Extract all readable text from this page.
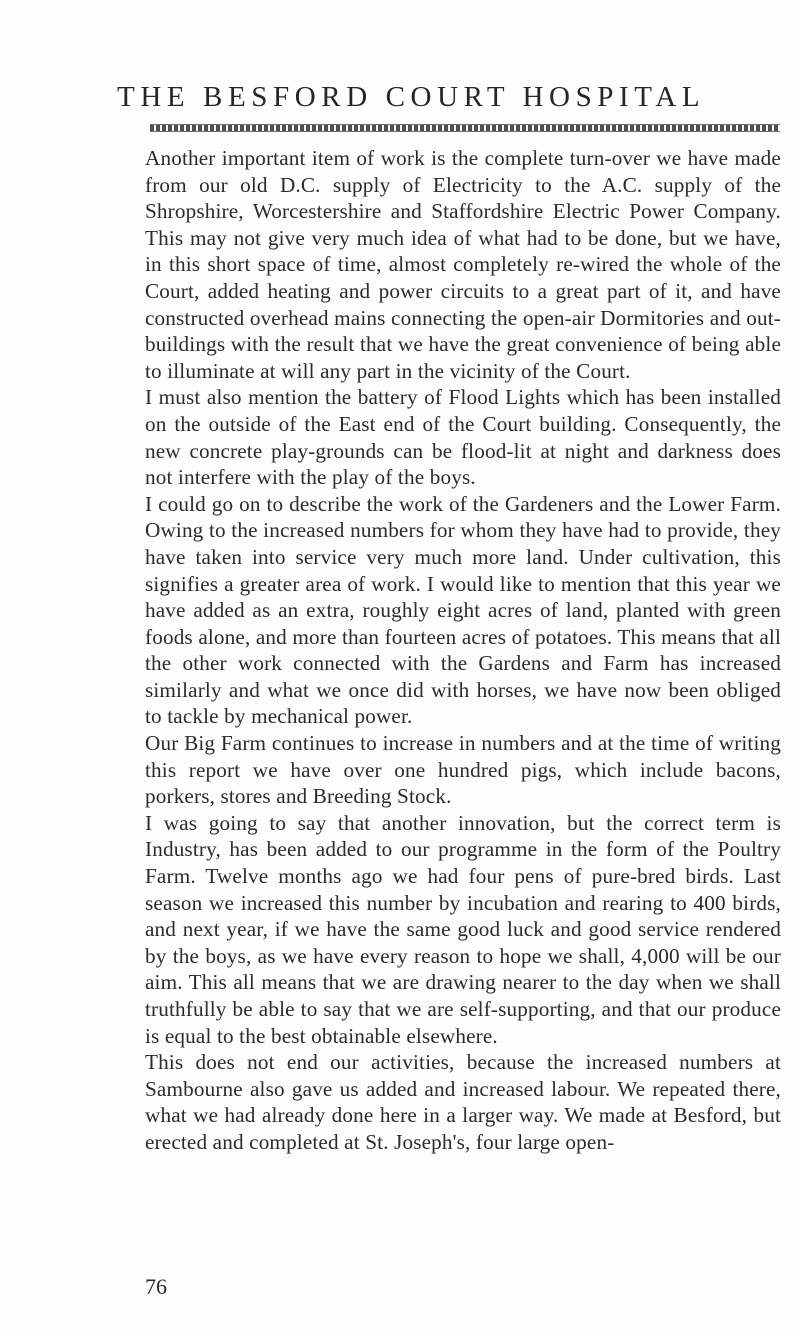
THE BESFORD COURT HOSPITAL

Another important item of work is the complete turn-over we have made from our old D.C. supply of Electricity to the A.C. supply of the Shropshire, Worcestershire and Staffordshire Electric Power Company. This may not give very much idea of what had to be done, but we have, in this short space of time, almost completely re-wired the whole of the Court, added heating and power circuits to a great part of it, and have constructed overhead mains connecting the open-air Dormitories and out-buildings with the result that we have the great convenience of being able to illuminate at will any part in the vicinity of the Court.

I must also mention the battery of Flood Lights which has been installed on the outside of the East end of the Court building. Consequently, the new concrete play-grounds can be flood-lit at night and darkness does not interfere with the play of the boys.

I could go on to describe the work of the Gardeners and the Lower Farm. Owing to the increased numbers for whom they have had to provide, they have taken into service very much more land. Under cultivation, this signifies a greater area of work. I would like to mention that this year we have added as an extra, roughly eight acres of land, planted with green foods alone, and more than fourteen acres of potatoes. This means that all the other work connected with the Gardens and Farm has increased similarly and what we once did with horses, we have now been obliged to tackle by mechanical power.

Our Big Farm continues to increase in numbers and at the time of writing this report we have over one hundred pigs, which include bacons, porkers, stores and Breeding Stock.

I was going to say that another innovation, but the correct term is Industry, has been added to our programme in the form of the Poultry Farm. Twelve months ago we had four pens of pure-bred birds. Last season we increased this number by incubation and rearing to 400 birds, and next year, if we have the same good luck and good service rendered by the boys, as we have every reason to hope we shall, 4,000 will be our aim. This all means that we are drawing nearer to the day when we shall truthfully be able to say that we are self-supporting, and that our produce is equal to the best obtainable elsewhere.

This does not end our activities, because the increased numbers at Sambourne also gave us added and increased labour. We repeated there, what we had already done here in a larger way. We made at Besford, but erected and completed at St. Joseph's, four large open-

76
